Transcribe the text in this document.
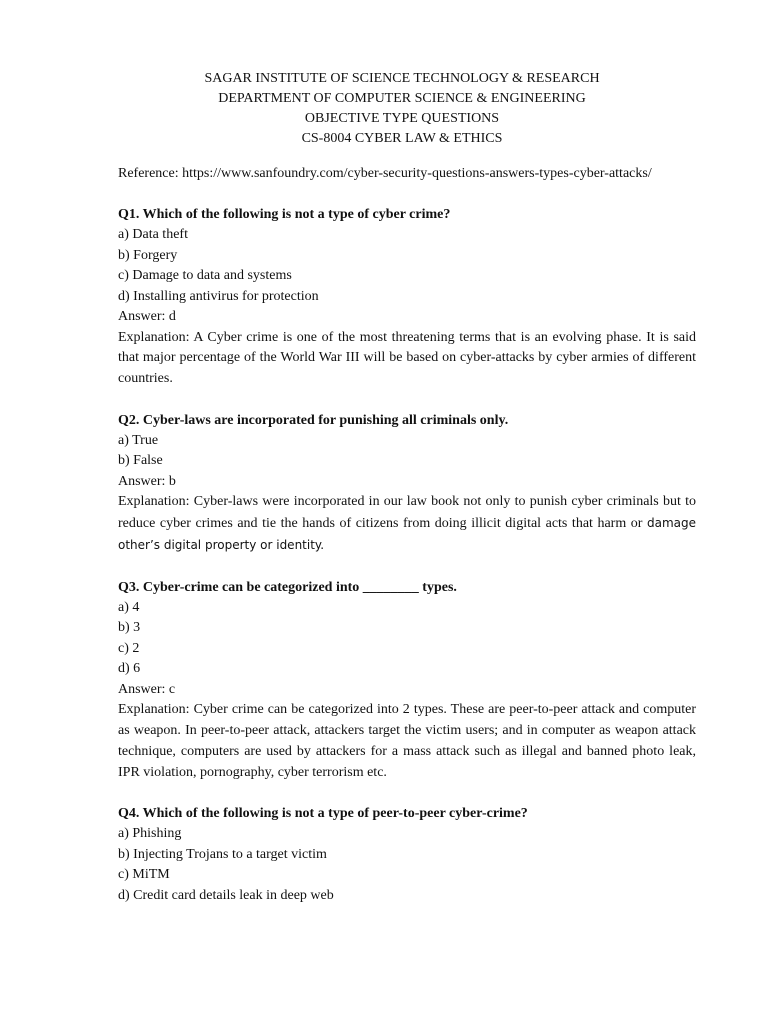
SAGAR INSTITUTE OF SCIENCE TECHNOLOGY & RESEARCH
DEPARTMENT OF COMPUTER SCIENCE & ENGINEERING
OBJECTIVE TYPE QUESTIONS
CS-8004 CYBER LAW & ETHICS
Reference: https://www.sanfoundry.com/cyber-security-questions-answers-types-cyber-attacks/
Q1. Which of the following is not a type of cyber crime?
a) Data theft
b) Forgery
c) Damage to data and systems
d) Installing antivirus for protection
Answer: d
Explanation: A Cyber crime is one of the most threatening terms that is an evolving phase. It is said that major percentage of the World War III will be based on cyber-attacks by cyber armies of different countries.
Q2. Cyber-laws are incorporated for punishing all criminals only.
a) True
b) False
Answer: b
Explanation: Cyber-laws were incorporated in our law book not only to punish cyber criminals but to reduce cyber crimes and tie the hands of citizens from doing illicit digital acts that harm or damage other’s digital property or identity.
Q3. Cyber-crime can be categorized into ________ types.
a) 4
b) 3
c) 2
d) 6
Answer: c
Explanation: Cyber crime can be categorized into 2 types. These are peer-to-peer attack and computer as weapon. In peer-to-peer attack, attackers target the victim users; and in computer as weapon attack technique, computers are used by attackers for a mass attack such as illegal and banned photo leak, IPR violation, pornography, cyber terrorism etc.
Q4. Which of the following is not a type of peer-to-peer cyber-crime?
a) Phishing
b) Injecting Trojans to a target victim
c) MiTM
d) Credit card details leak in deep web
